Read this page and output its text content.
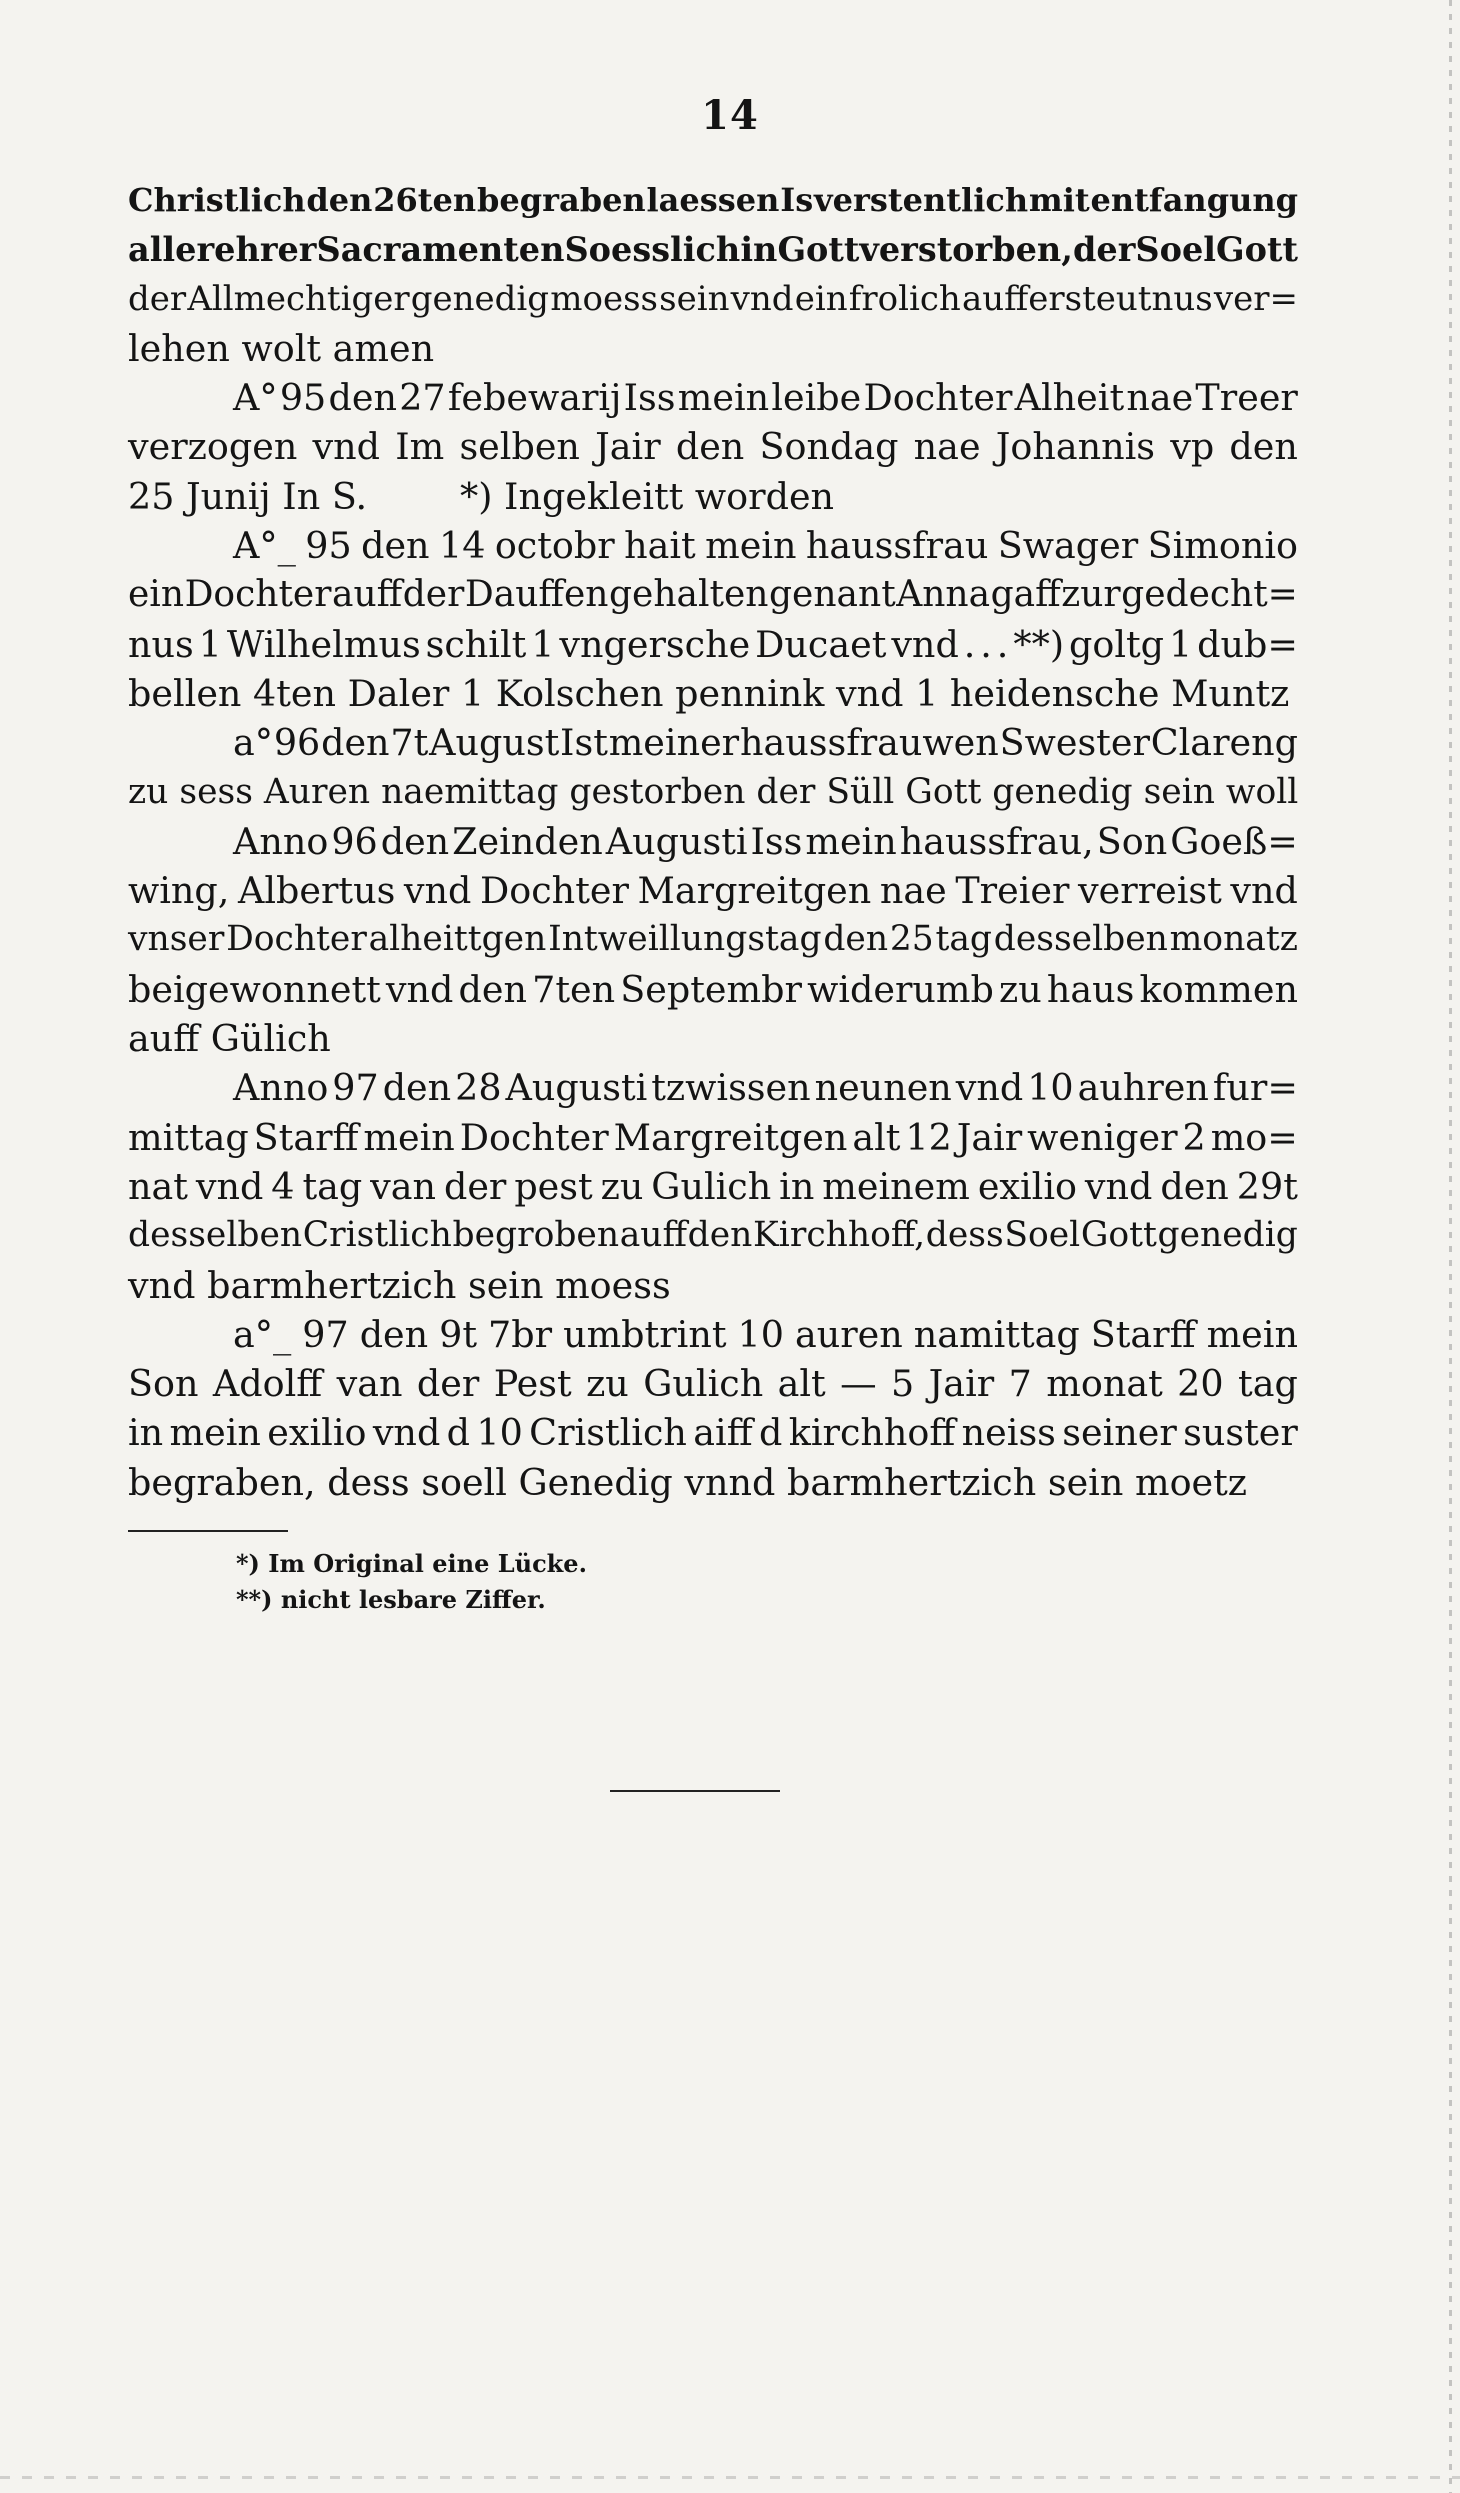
14
Christlich den 26ten begraben laessen Is verstentlich mit entfangung
aller ehrer Sacramenten Soesslich in Gott verstorben, der Soel Gott
der Allmechtiger genedig moess sein vnd ein frolich auffersteutnus ver=
lehen wolt amen
A° 95 den 27 febewarij Iss mein leibe Dochter Alheit nae Treer
verzogen vnd Im selben Jair den Sondag nae Johannis vp den
25 Junij In S.        *) Ingekleitt worden
A°_ 95 den 14 octobr hait mein haussfrau Swager Simonio
ein Dochter auff der Dauffen gehalten genant Anna gaff zur gedecht=
nus 1 Wilhelmus schilt 1 vngersche Ducaet vnd . . . **) goltg 1 dub=
bellen 4ten Daler 1 Kolschen pennink vnd 1 heidensche Muntz
a° 96 den 7t August Ist meiner haussfrauwen Swester Clareng
zu sess Auren naemittag gestorben der Süll Gott genedig sein woll
Anno 96 den Zeinden Augusti Iss mein haussfrau, Son Goeß=
wing, Albertus vnd Dochter Margreitgen nae Treier verreist vnd
vnser Dochter alheittgen Intweillungstag den 25 tag desselben monatz
beigewonnett vnd den 7ten Septembr widerumb zu haus kommen
auff Gülich
Anno 97 den 28 Augusti tzwissen neunen vnd 10 auhren fur=
mittag Starff mein Dochter Margreitgen alt 12 Jair weniger 2 mo=
nat vnd 4 tag van der pest zu Gulich in meinem exilio vnd den 29t
desselben Cristlich begroben auff den Kirchhoff, dess Soel Gott genedig
vnd barmhertzich sein moess
a°_ 97 den 9t 7br umbtrint 10 auren namittag Starff mein
Son Adolff van der Pest zu Gulich alt — 5 Jair 7 monat 20 tag
in mein exilio vnd d 10 Cristlich aiff d kirchhoff neiss seiner suster
begraben, dess soell Genedig vnnd barmhertzich sein moetz
*) Im Original eine Lücke.
**) nicht lesbare Ziffer.
